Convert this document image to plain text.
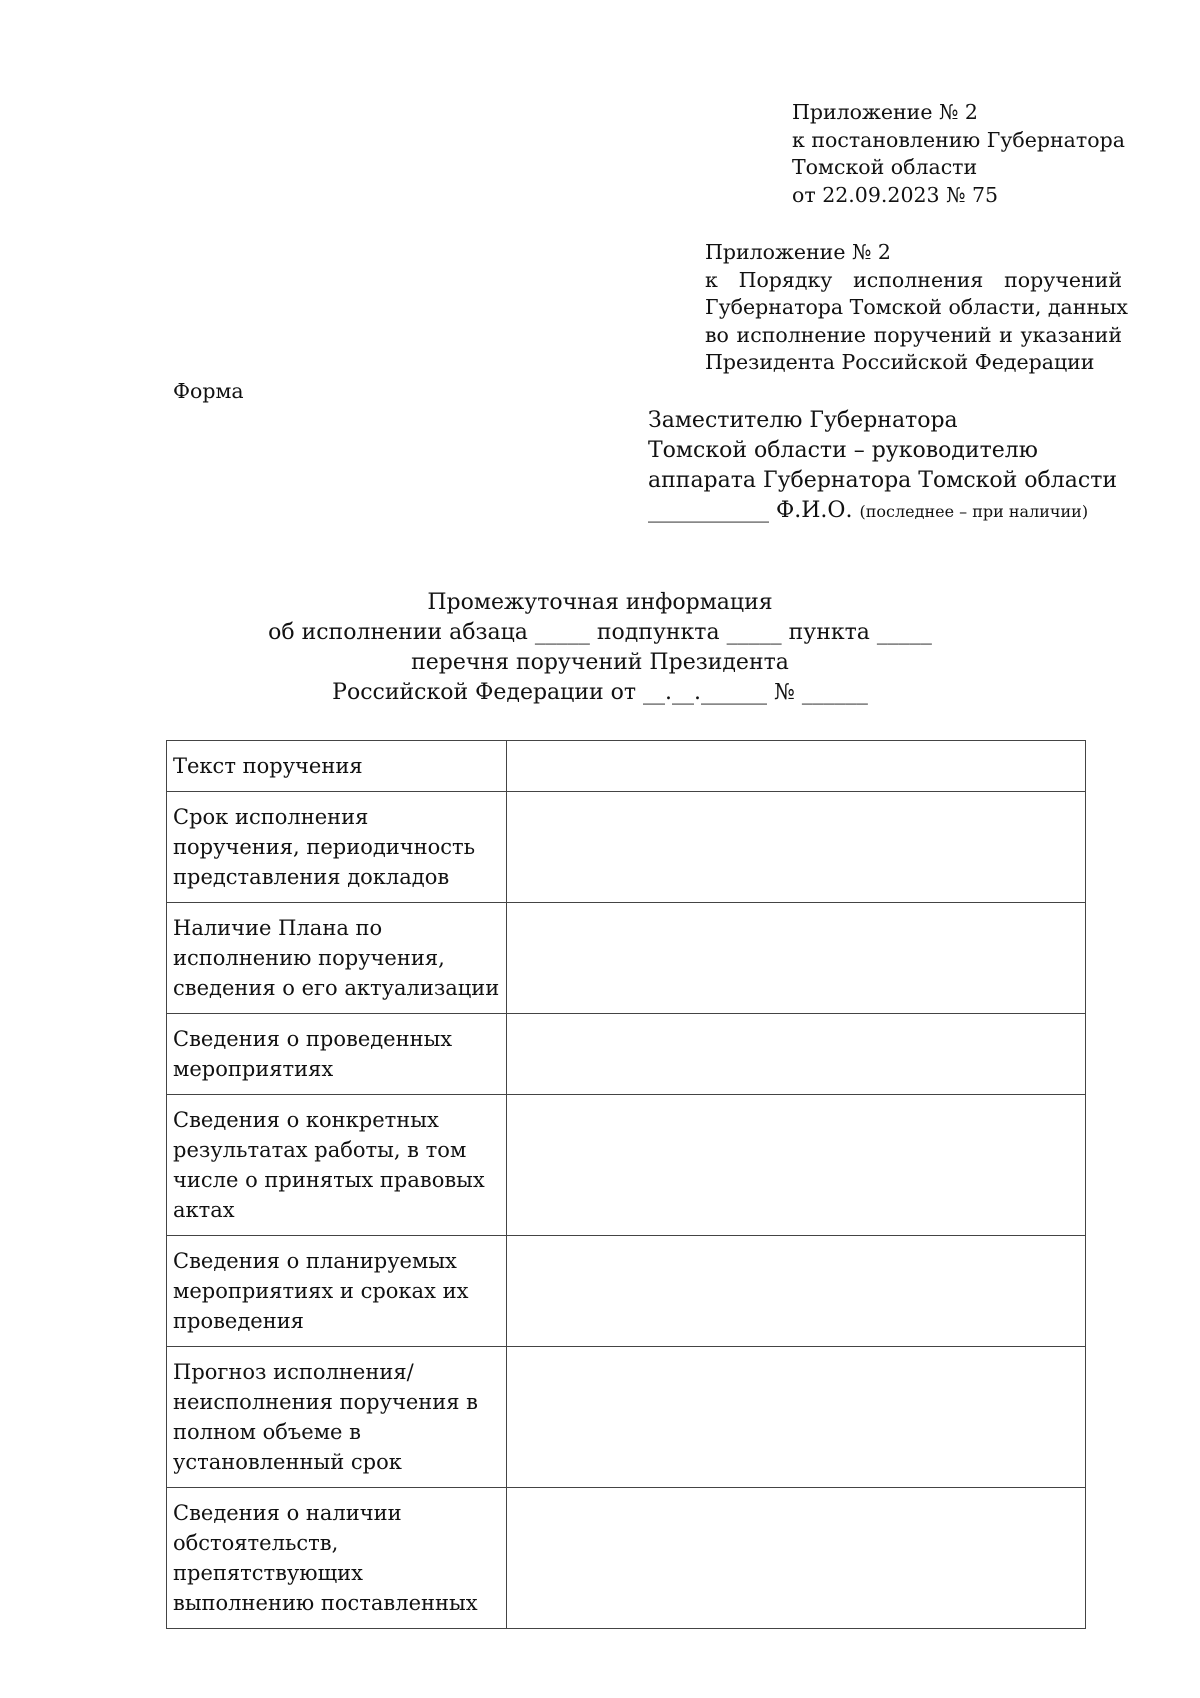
Приложение № 2
к постановлению Губернатора
Томской области
от 22.09.2023 № 75
Приложение № 2
к Порядку исполнения поручений
Губернатора Томской области, данных
во исполнение поручений и указаний
Президента Российской Федерации
Форма
Заместителю Губернатора
Томской области – руководителю
аппарата Губернатора Томской области
___________ Ф.И.О. (последнее – при наличии)
Промежуточная информация
об исполнении абзаца _____ подпункта _____ пункта _____
перечня поручений Президента
Российской Федерации от __.__.______ № ______
Текст поручения	
Срок исполнения поручения, периодичность представления докладов	
Наличие Плана по исполнению поручения, сведения о его актуализации	
Сведения о проведенных мероприятиях	
Сведения о конкретных результатах работы, в том числе о принятых правовых актах	
Сведения о планируемых мероприятиях и сроках их проведения	
Прогноз исполнения/неисполнения поручения в полном объеме в установленный срок	
Сведения о наличии обстоятельств, препятствующих выполнению поставленных	
